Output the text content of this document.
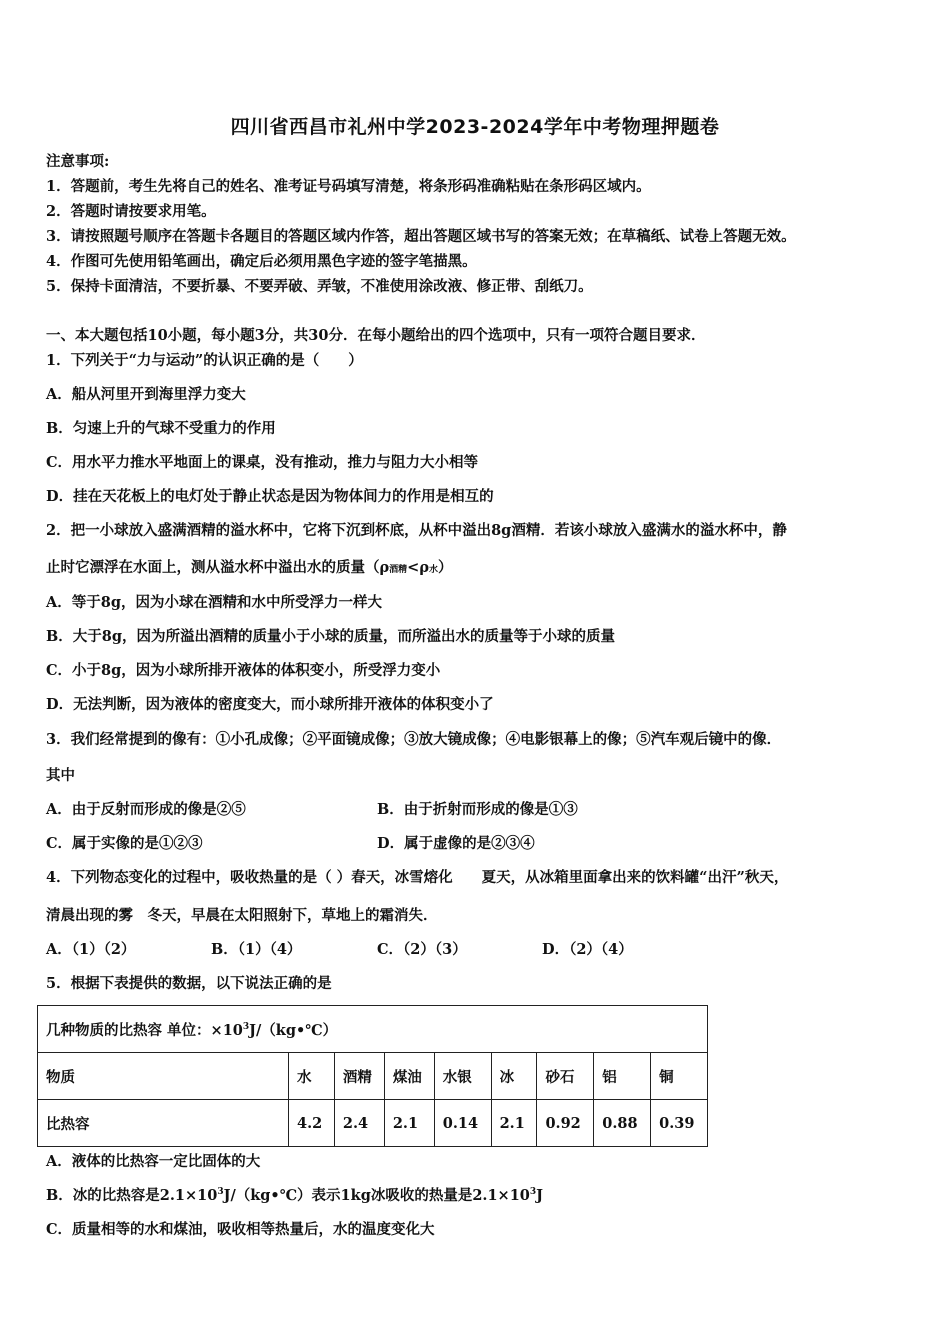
四川省西昌市礼州中学2023-2024学年中考物理押题卷
注意事项:
1．答题前，考生先将自己的姓名、准考证号码填写清楚，将条形码准确粘贴在条形码区域内。
2．答题时请按要求用笔。
3．请按照题号顺序在答题卡各题目的答题区域内作答，超出答题区域书写的答案无效；在草稿纸、试卷上答题无效。
4．作图可先使用铅笔画出，确定后必须用黑色字迹的签字笔描黑。
5．保持卡面清洁，不要折暴、不要弄破、弄皱，不准使用涂改液、修正带、刮纸刀。
一、本大题包括10小题，每小题3分，共30分．在每小题给出的四个选项中，只有一项符合题目要求．
1．下列关于“力与运动”的认识正确的是（　　）
A．船从河里开到海里浮力变大
B．匀速上升的气球不受重力的作用
C．用水平力推水平地面上的课桌，没有推动，推力与阻力大小相等
D．挂在天花板上的电灯处于静止状态是因为物体间力的作用是相互的
2．把一小球放入盛满酒精的溢水杯中，它将下沉到杯底，从杯中溢出8g酒精．若该小球放入盛满水的溢水杯中，静
止时它漂浮在水面上，测从溢水杯中溢出水的质量（ρ酒精<ρ水）
A．等于8g，因为小球在酒精和水中所受浮力一样大
B．大于8g，因为所溢出酒精的质量小于小球的质量，而所溢出水的质量等于小球的质量
C．小于8g，因为小球所排开液体的体积变小，所受浮力变小
D．无法判断，因为液体的密度变大，而小球所排开液体的体积变小了
3．我们经常提到的像有：①小孔成像；②平面镜成像；③放大镜成像；④电影银幕上的像；⑤汽车观后镜中的像．
其中
A．由于反射而形成的像是②⑤	B．由于折射而形成的像是①③
C．属于实像的是①②③	D．属于虚像的是②③④
4．下列物态变化的过程中，吸收热量的是（ ）春天，冰雪熔化　　夏天，从冰箱里面拿出来的饮料罐“出汗”秋天，
清晨出现的雾　冬天，早晨在太阳照射下，草地上的霜消失．
A．（1）（2）	B．（1）（4）	C．（2）（3）	D．（2）（4）
5．根据下表提供的数据，以下说法正确的是
几种物质的比热容 单位：$\times 10^3J/(kg•℃)$								
物质	水	酒精	煤油	水银	冰	砂石	铝	铜
比热容	4.2	2.4	2.1	0.14	2.1	0.92	0.88	0.39
A．液体的比热容一定比固体的大
B．冰的比热容是$2.1\times 10^3J/(kg•℃)$表示1kg冰吸收的热量是$2.1\times 10^3J$
C．质量相等的水和煤油，吸收相等热量后，水的温度变化大
